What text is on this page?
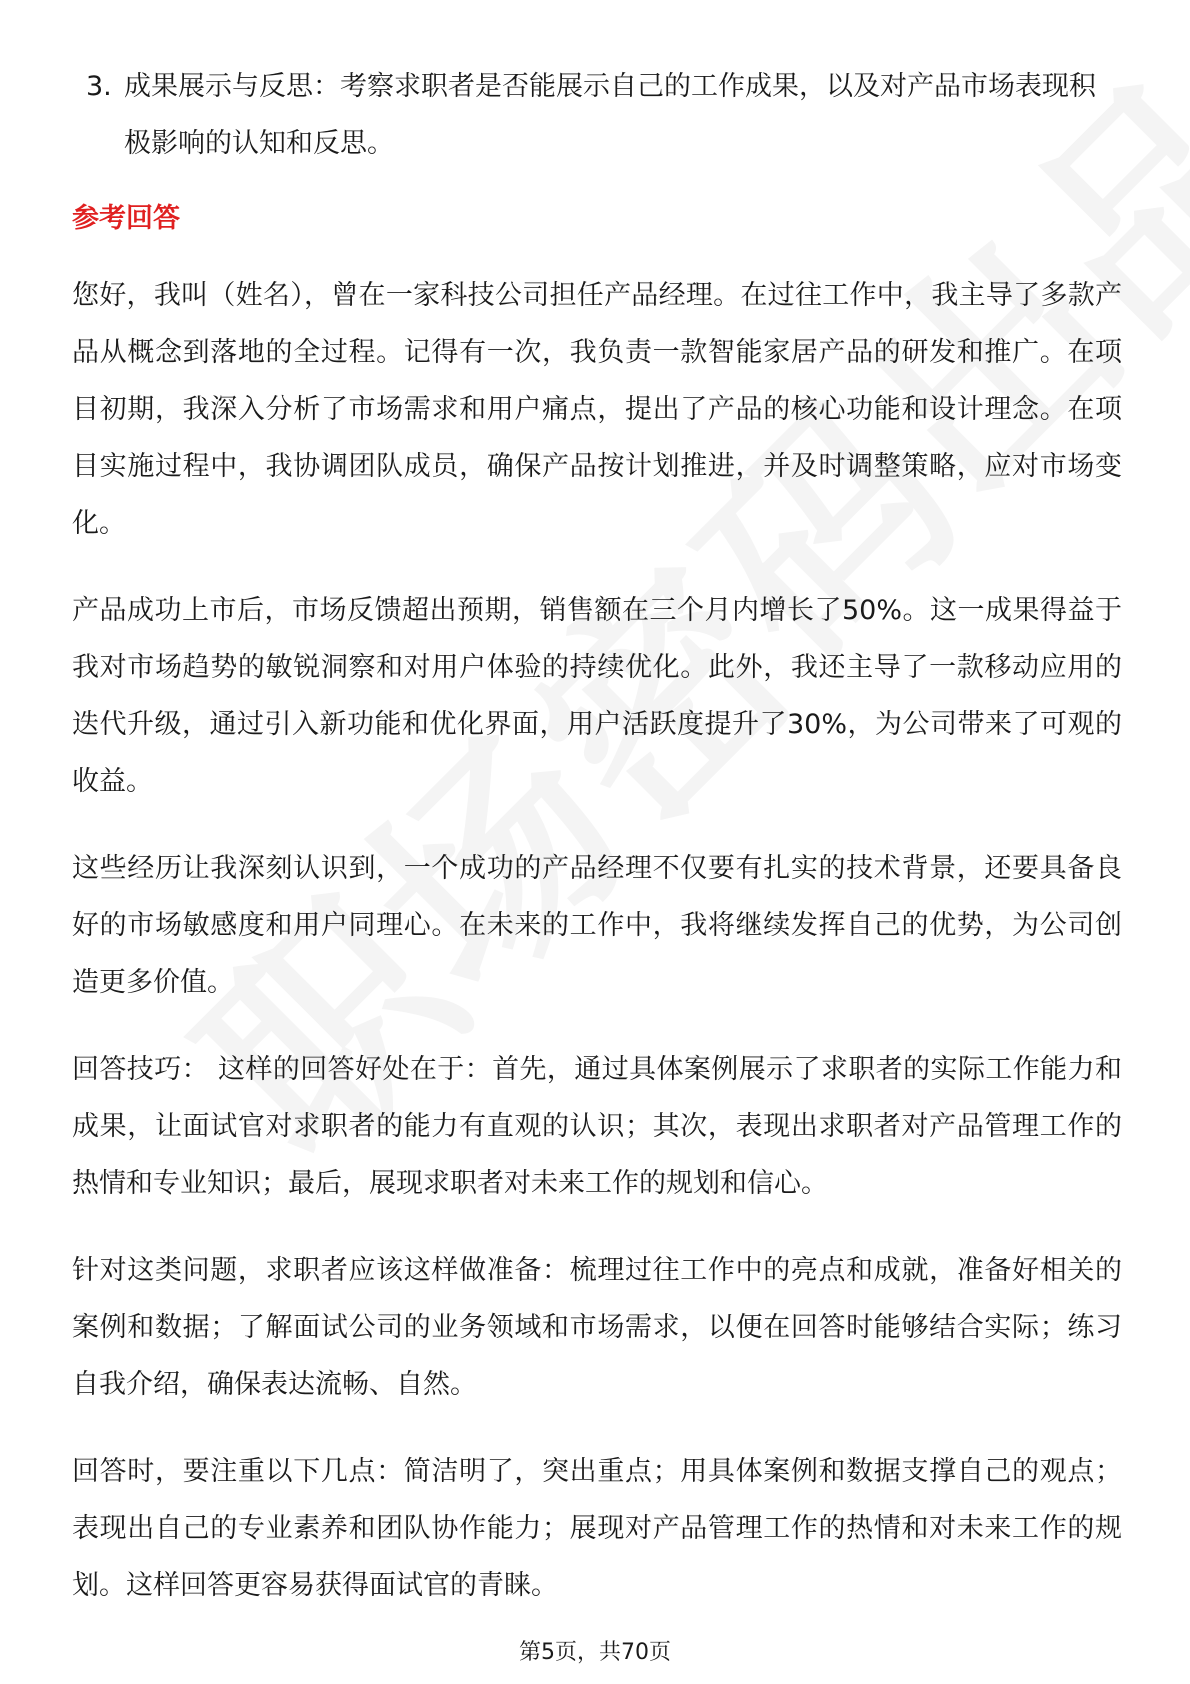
3. 成果展示与反思：考察求职者是否能展示自己的工作成果，以及对产品市场表现积极影响的认知和反思。
参考回答

您好，我叫（姓名），曾在一家科技公司担任产品经理。在过往工作中，我主导了多款产品从概念到落地的全过程。记得有一次，我负责一款智能家居产品的研发和推广。在项目初期，我深入分析了市场需求和用户痛点，提出了产品的核心功能和设计理念。在项目实施过程中，我协调团队成员，确保产品按计划推进，并及时调整策略，应对市场变化。

产品成功上市后，市场反馈超出预期，销售额在三个月内增长了50%。这一成果得益于我对市场趋势的敏锐洞察和对用户体验的持续优化。此外，我还主导了一款移动应用的迭代升级，通过引入新功能和优化界面，用户活跃度提升了30%，为公司带来了可观的收益。

这些经历让我深刻认识到，一个成功的产品经理不仅要有扎实的技术背景，还要具备良好的市场敏感度和用户同理心。在未来的工作中，我将继续发挥自己的优势，为公司创造更多价值。

回答技巧： 这样的回答好处在于：首先，通过具体案例展示了求职者的实际工作能力和成果，让面试官对求职者的能力有直观的认识；其次，表现出求职者对产品管理工作的热情和专业知识；最后，展现求职者对未来工作的规划和信心。

针对这类问题，求职者应该这样做准备：梳理过往工作中的亮点和成就，准备好相关的案例和数据；了解面试公司的业务领域和市场需求，以便在回答时能够结合实际；练习自我介绍，确保表达流畅、自然。

回答时，要注重以下几点：简洁明了，突出重点；用具体案例和数据支撑自己的观点；表现出自己的专业素养和团队协作能力；展现对产品管理工作的热情和对未来工作的规划。这样回答更容易获得面试官的青睐。

第5页，共70页
